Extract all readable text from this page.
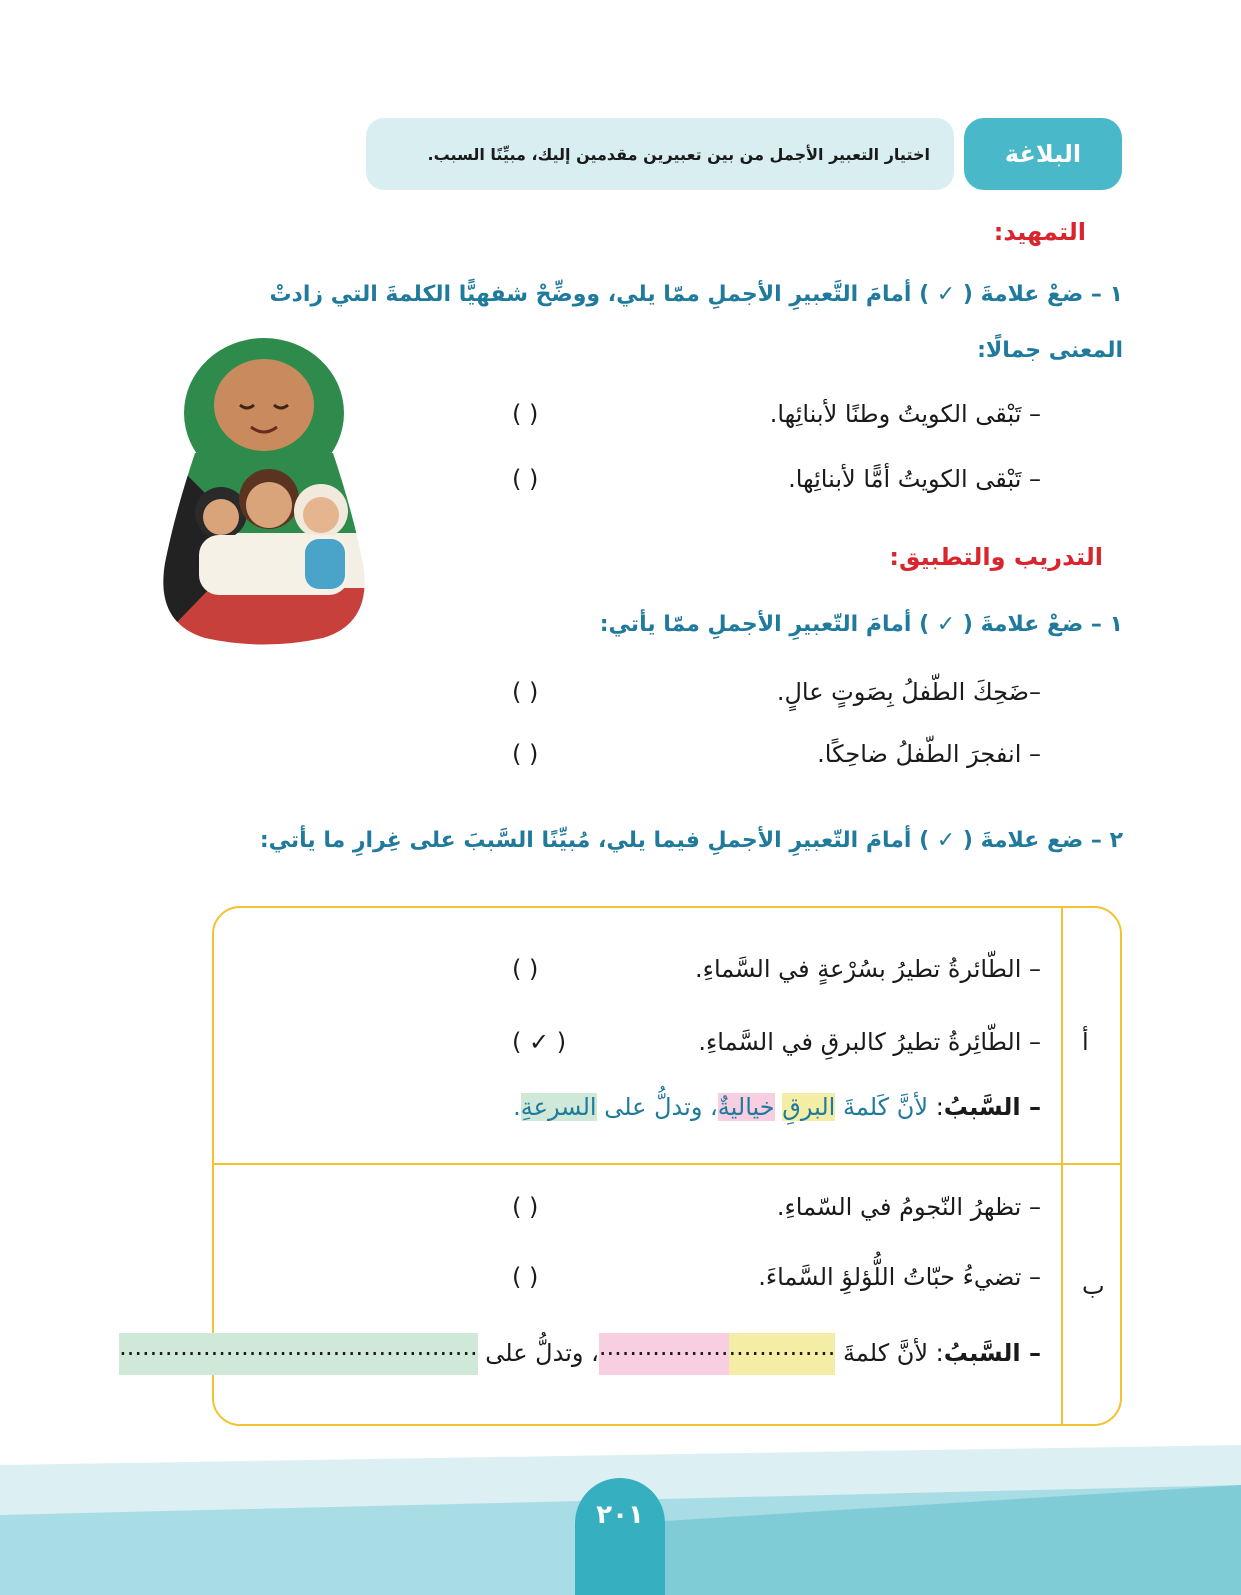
البلاغة
اختيار التعبير الأجمل من بين تعبيرين مقدمين إليك، مبيِّنًا السبب.
التمهيد:
١ – ضعْ علامةَ ( ✓ ) أمامَ التَّعبيرِ الأجملِ ممّا يلي، ووضِّحْ شفهيًّا الكلمةَ التي زادتْ
المعنى جمالًا:
– تَبْقى الكويتُ وطنًا لأبنائِها.
( )
– تَبْقى الكويتُ أمًّا لأبنائِها.
( )
التدريب والتطبيق:
١ – ضعْ علامةَ ( ✓ ) أمامَ التّعبيرِ الأجملِ ممّا يأتي:
–ضَحِكَ الطّفلُ بِصَوتٍ عالٍ.
( )
– انفجرَ الطّفلُ ضاحِكًا.
( )
٢ – ضع علامةَ ( ✓ ) أمامَ التّعبيرِ الأجملِ فيما يلي، مُبيِّنًا السَّببَ على غِرارِ ما يأتي:
أ
– الطّائرةُ تطيرُ بسُرْعةٍ في السَّماءِ.
( )
– الطّائِرةُ تطيرُ كالبرقِ في السَّماءِ.
( ✓ )
– السَّببُ: لأنَّ كَلمةَ البرقِ خياليةٌ، وتدلُّ على السرعةِ.
ب
– تظهرُ النّجومُ في السّماءِ.
( )
– تضيءُ حبّاتُ اللُّؤلؤِ السَّماءَ.
( )
– السَّببُ: لأنَّ كلمةَ ...............................، وتدلُّ على ...............................................
٢٠١
